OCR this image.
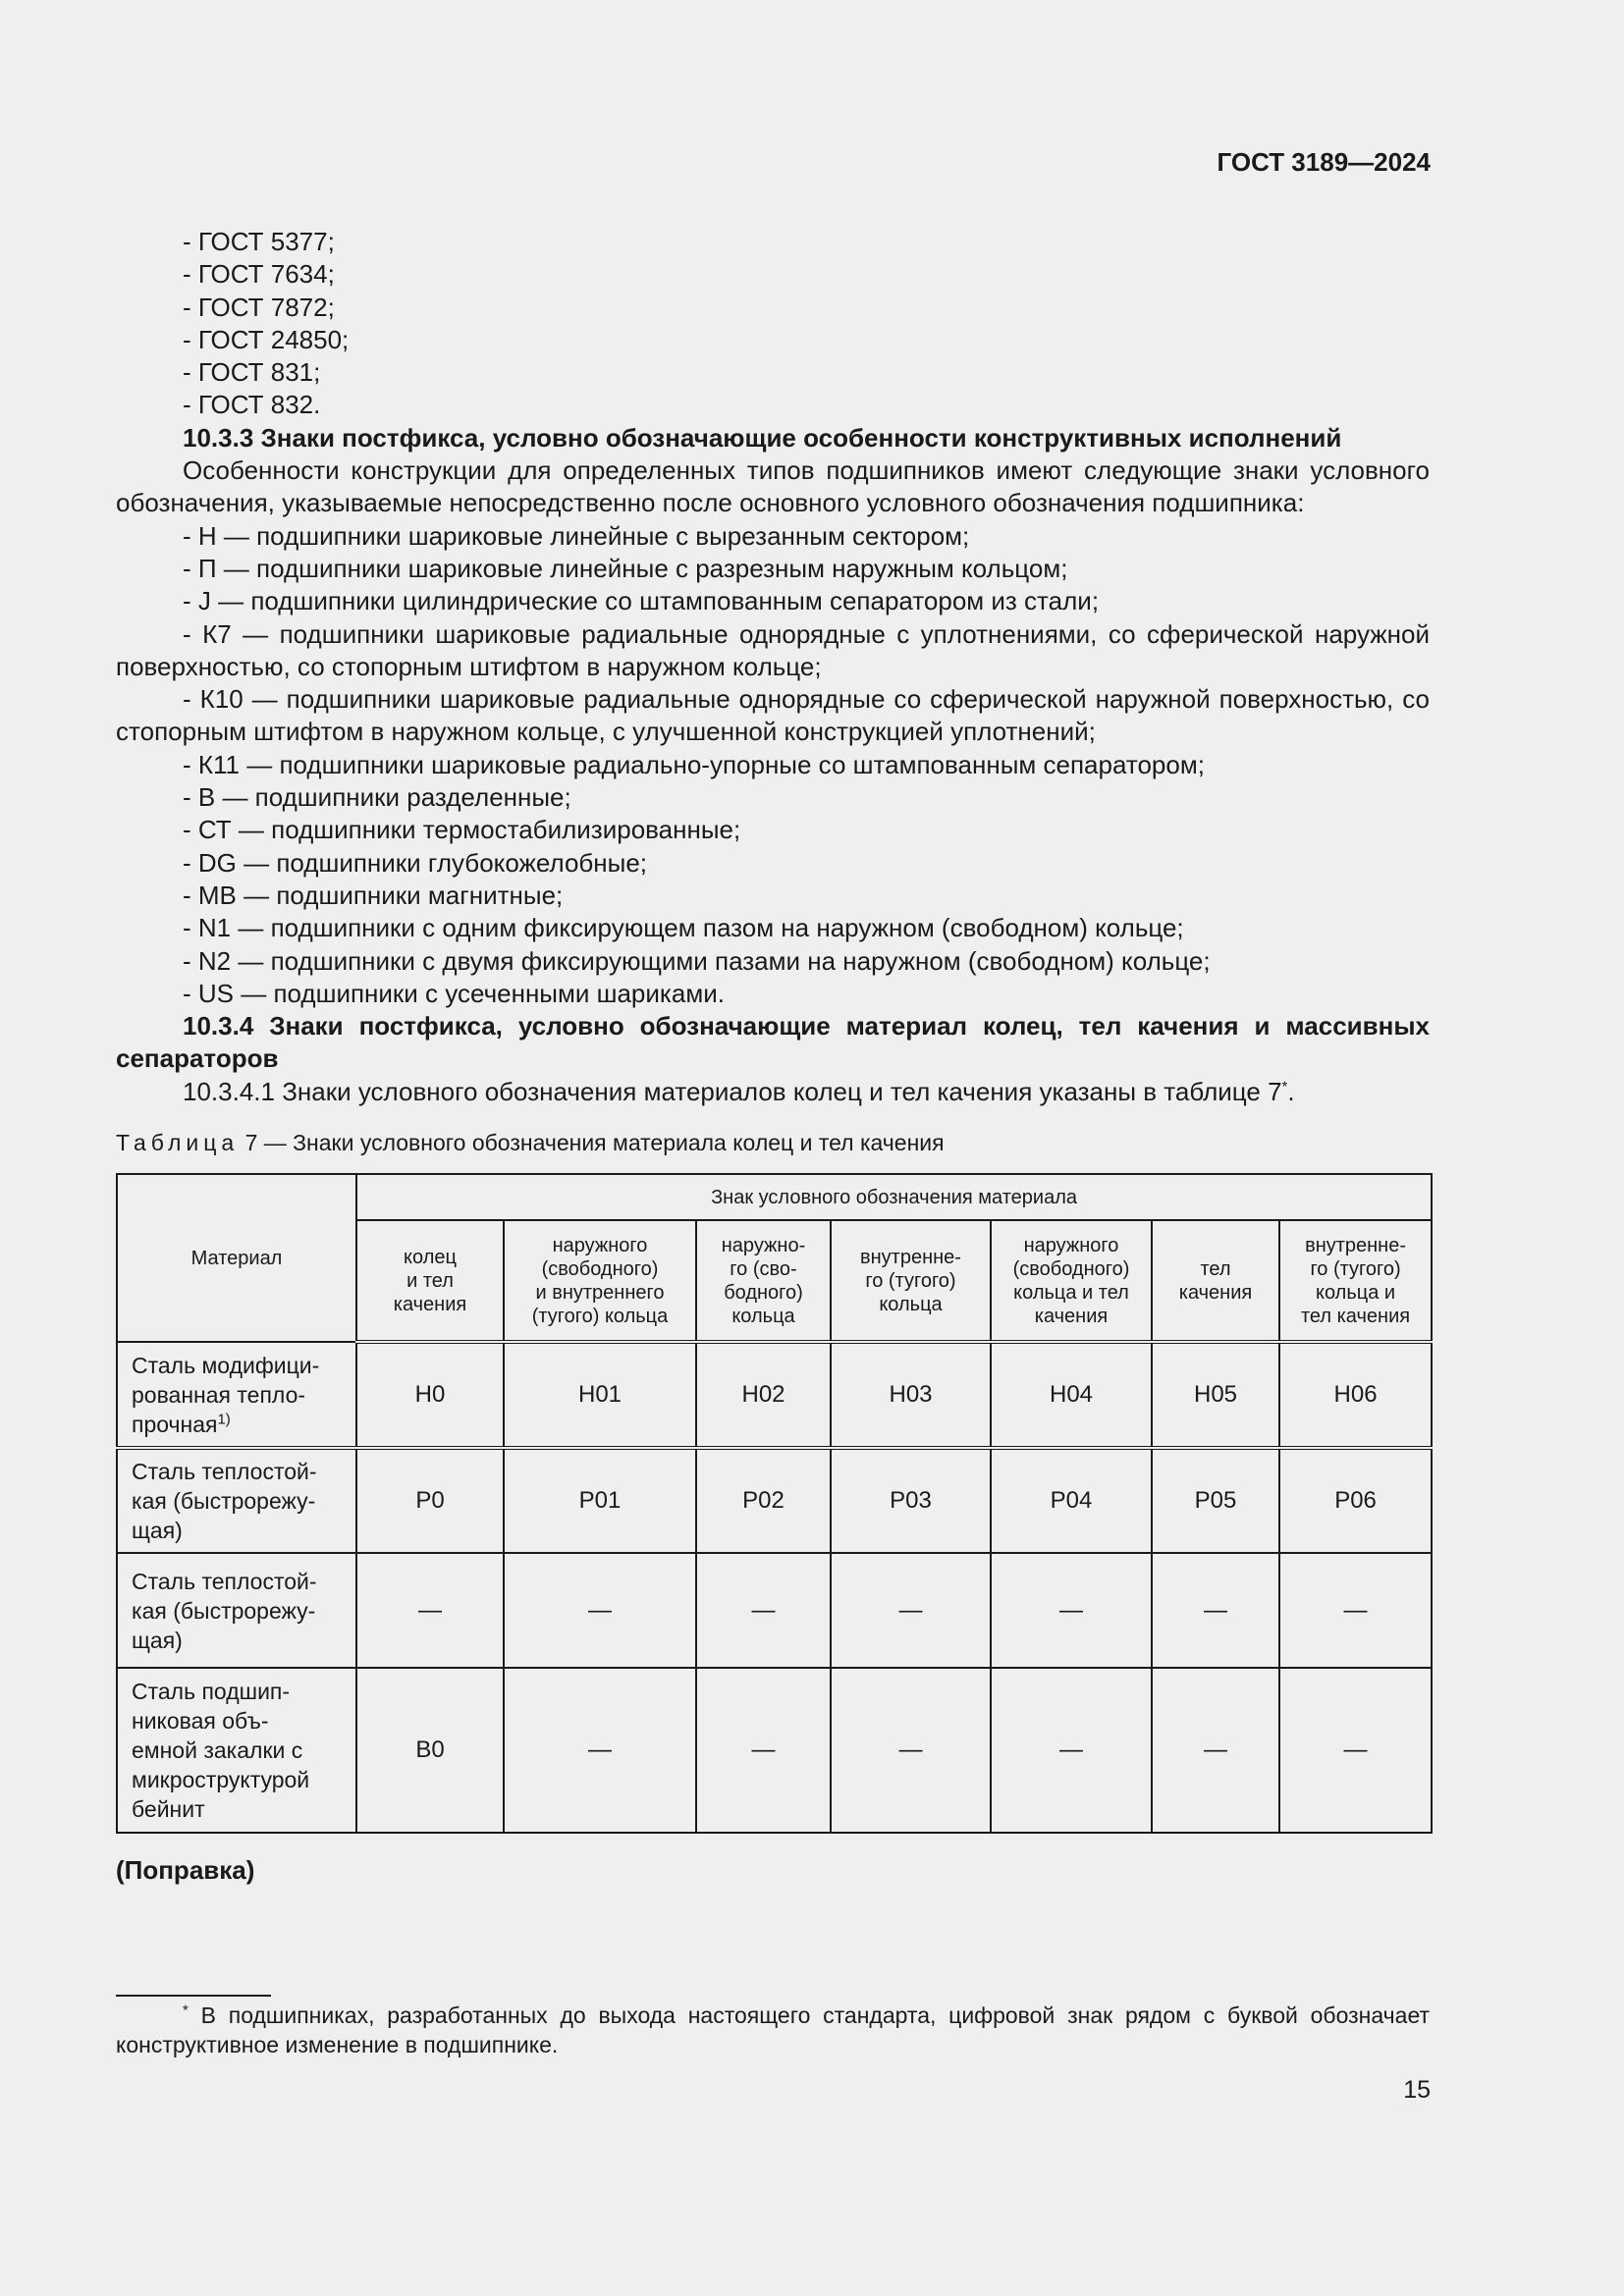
ГОСТ 3189—2024

- ГОСТ 5377;

- ГОСТ 7634;

- ГОСТ 7872;

- ГОСТ 24850;

- ГОСТ 831;

- ГОСТ 832.

10.3.3 Знаки постфикса, условно обозначающие особенности конструктивных исполнений

Особенности конструкции для определенных типов подшипников имеют следующие знаки условного обозначения, указываемые непосредственно после основного условного обозначения подшипника:

- Н — подшипники шариковые линейные с вырезанным сектором;

- П — подшипники шариковые линейные с разрезным наружным кольцом;

- J — подшипники цилиндрические со штампованным сепаратором из стали;

- К7 — подшипники шариковые радиальные однорядные с уплотнениями, со сферической наружной поверхностью, со стопорным штифтом в наружном кольце;

- К10 — подшипники шариковые радиальные однорядные со сферической наружной поверхностью, со стопорным штифтом в наружном кольце, с улучшенной конструкцией уплотнений;

- К11 — подшипники шариковые радиально-упорные со штампованным сепаратором;

- В — подшипники разделенные;

- СТ — подшипники термостабилизированные;

- DG — подшипники глубокожелобные;

- МВ — подшипники магнитные;

- N1 — подшипники с одним фиксирующем пазом на наружном (свободном) кольце;

- N2 — подшипники с двумя фиксирующими пазами на наружном (свободном) кольце;

- US — подшипники с усеченными шариками.

10.3.4 Знаки постфикса, условно обозначающие материал колец, тел качения и массивных сепараторов

10.3.4.1 Знаки условного обозначения материалов колец и тел качения указаны в таблице 7*.

Таблица 7 — Знаки условного обозначения материала колец и тел качения
Материал	Знак условного обозначения материала						
	колец
и тел
качения	наружного
(свободного)
и внутреннего
(тугого) кольца	наружно-
го (сво-
бодного)
кольца	внутренне-
го (тугого)
кольца	наружного
(свободного)
кольца и тел
качения	тел
качения	внутренне-
го (тугого)
кольца и
тел качения
Сталь модифици-
рованная тепло-
прочная$^{1)}$	Н0	Н01	Н02	Н03	Н04	Н05	Н06
Сталь теплостой-
кая (быстрорежу-
щая)	Р0	Р01	Р02	Р03	Р04	Р05	Р06
Сталь теплостой-
кая (быстрорежу-
щая)	—	—	—	—	—	—	—
Сталь подшип-
никовая объ-
емной закалки с
микроструктурой
бейнит	В0	—	—	—	—	—	—
(Поправка)

* В подшипниках, разработанных до выхода настоящего стандарта, цифровой знак рядом с буквой обозначает конструктивное изменение в подшипнике.

15
